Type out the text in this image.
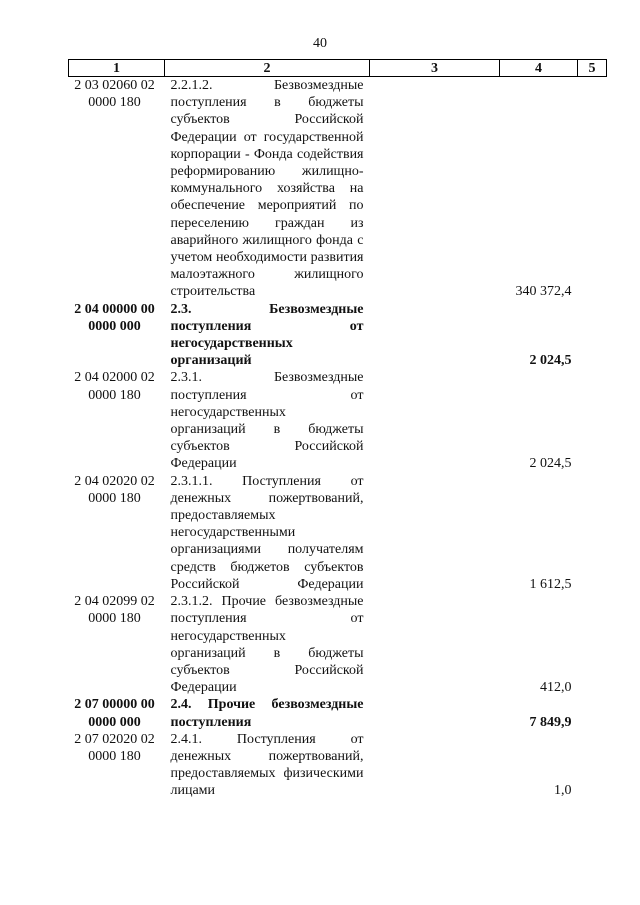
40
1	2	3	4	5
2 03 02060 02 0000 180	2.2.1.2. Безвозмездные поступления в бюджеты субъектов Российской Федерации от государственной корпорации - Фонда содействия реформированию жилищно-коммунального хозяйства на обеспечение мероприятий по переселению граждан из аварийного жилищного фонда с учетом необходимости развития малоэтажного жилищного строительства		340 372,4	
2 04 00000 00 0000 000	2.3. Безвозмездные поступления от негосударственных организаций		2 024,5	
2 04 02000 02 0000 180	2.3.1. Безвозмездные поступления от негосударственных организаций в бюджеты субъектов Российской Федерации		2 024,5	
2 04 02020 02 0000 180	2.3.1.1. Поступления от денежных пожертвований, предоставляемых негосударственными организациями получателям средств бюджетов субъектов Российской Федерации		1 612,5	
2 04 02099 02 0000 180	2.3.1.2. Прочие безвозмездные поступления от негосударственных организаций в бюджеты субъектов Российской Федерации		412,0	
2 07 00000 00 0000 000	2.4. Прочие безвозмездные поступления		7 849,9	
2 07 02020 02 0000 180	2.4.1. Поступления от денежных пожертвований, предоставляемых физическими лицами		1,0	
